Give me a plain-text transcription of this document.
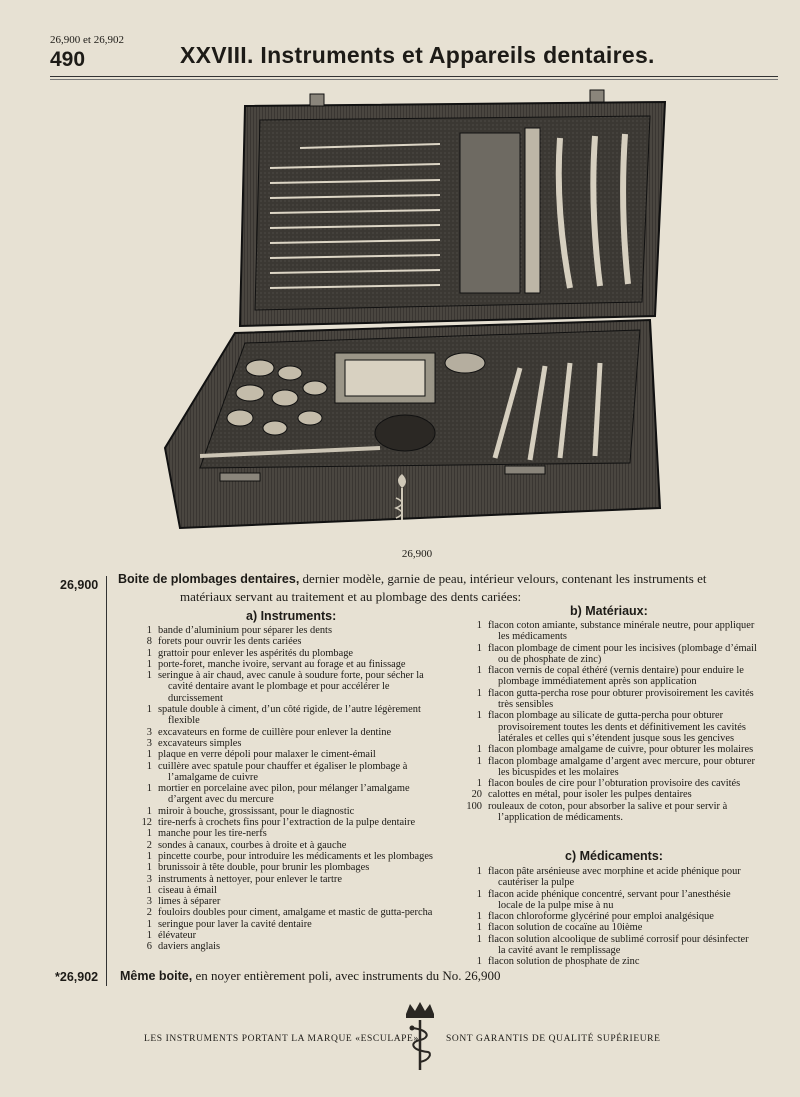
26,900 et 26,902
490	XXVIII. Instruments et Appareils dentaires.
26,900
26,900 Boite de plombages dentaires, dernier modèle, garnie de peau, intérieur velours, contenant les instruments et
matériaux servant au traitement et au plombage des dents cariées:
a) Instruments:
1 bande d’aluminium pour séparer les dents
8 forets pour ouvrir les dents cariées
1 grattoir pour enlever les aspérités du plombage
1 porte-foret, manche ivoire, servant au forage et au finissage
1 seringue à air chaud, avec canule à soudure forte, pour sécher la cavité dentaire avant le plombage et pour accélérer le durcissement
1 spatule double à ciment, d’un côté rigide, de l’autre légèrement flexible
3 excavateurs en forme de cuillère pour enlever la dentine
3 excavateurs simples
1 plaque en verre dépoli pour malaxer le ciment-émail
1 cuillère avec spatule pour chauffer et égaliser le plombage à l’amalgame de cuivre
1 mortier en porcelaine avec pilon, pour mélanger l’amalgame d’argent avec du mercure
1 miroir à bouche, grossissant, pour le diagnostic
12 tire-nerfs à crochets fins pour l’extraction de la pulpe dentaire
1 manche pour les tire-nerfs
2 sondes à canaux, courbes à droite et à gauche
1 pincette courbe, pour introduire les médicaments et les plombages
1 brunissoir à tête double, pour brunir les plombages
3 instruments à nettoyer, pour enlever le tartre
1 ciseau à émail
3 limes à séparer
2 fouloirs doubles pour ciment, amalgame et mastic de gutta-percha
1 seringue pour laver la cavité dentaire
1 élévateur
6 daviers anglais
b) Matériaux:
1 flacon coton amiante, substance minérale neutre, pour appliquer les médicaments
1 flacon plombage de ciment pour les incisives (plombage d’émail ou de phosphate de zinc)
1 flacon vernis de copal éthéré (vernis dentaire) pour enduire le plombage immédiatement après son application
1 flacon gutta-percha rose pour obturer provisoirement les cavités très sensibles
1 flacon plombage au silicate de gutta-percha pour obturer provisoirement toutes les dents et définitivement les cavités latérales et celles qui s’étendent jusque sous les gencives
1 flacon plombage amalgame de cuivre, pour obturer les molaires
1 flacon plombage amalgame d’argent avec mercure, pour obturer les bicuspides et les molaires
1 flacon boules de cire pour l’obturation provisoire des cavités
20 calottes en métal, pour isoler les pulpes dentaires
100 rouleaux de coton, pour absorber la salive et pour servir à l’application de médicaments.
c) Médicaments:
1 flacon pâte arsénieuse avec morphine et acide phénique pour cautériser la pulpe
1 flacon acide phénique concentré, servant pour l’anesthésie locale de la pulpe mise à nu
1 flacon chloroforme glycériné pour emploi analgésique
1 flacon solution de cocaïne au 10ième
1 flacon solution alcoolique de sublimé corrosif pour désinfecter la cavité avant le remplissage
1 flacon solution de phosphate de zinc
*26,902 Même boite, en noyer entièrement poli, avec instruments du No. 26,900
LES INSTRUMENTS PORTANT LA MARQUE «ESCULAPE»	SONT GARANTIS DE QUALITÉ SUPÉRIEURE
